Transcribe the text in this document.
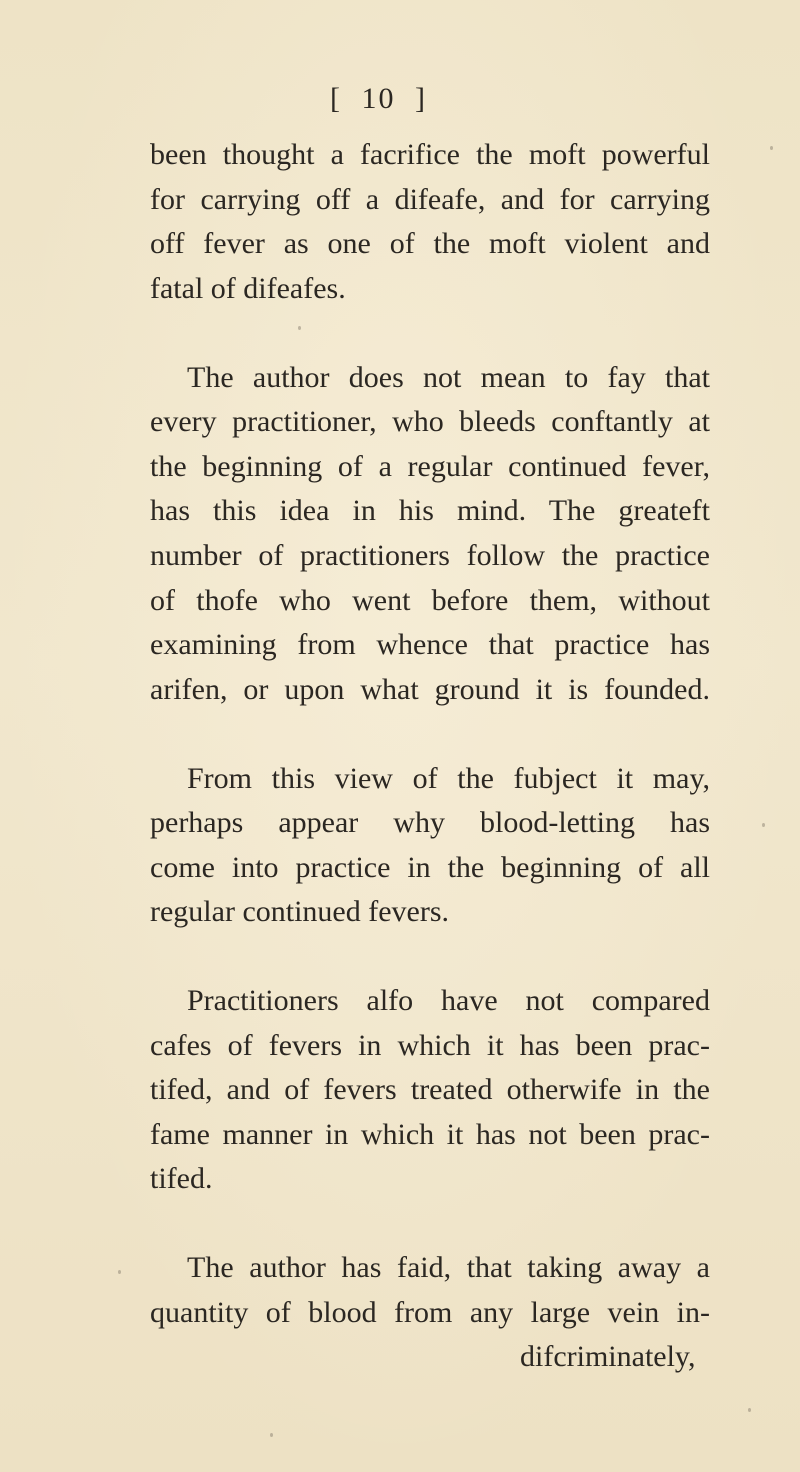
[ 10 ]
been thought a facrifice the moft powerful
for carrying off a difeafe, and for carrying
off fever as one of the moft violent and
fatal of difeafes.
The author does not mean to fay that
every practitioner, who bleeds conftantly at
the beginning of a regular continued fever,
has this idea in his mind. The greateft
number of practitioners follow the practice
of thofe who went before them, without
examining from whence that practice has
arifen, or upon what ground it is founded.
From this view of the fubject it may,
perhaps appear why blood-letting has
come into practice in the beginning of all
regular continued fevers.
Practitioners alfo have not compared
cafes of fevers in which it has been prac-
tifed, and of fevers treated otherwife in the
fame manner in which it has not been prac-
tifed.
The author has faid, that taking away a
quantity of blood from any large vein in-
difcriminately,
